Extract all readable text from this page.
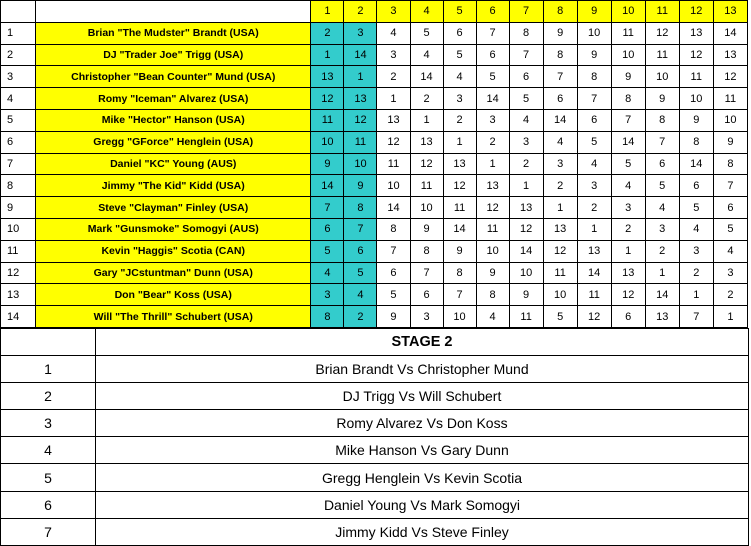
		1	2	3	4	5	6	7	8	9	10	11	12	13
1	Brian "The Mudster" Brandt (USA)	2	3	4	5	6	7	8	9	10	11	12	13	14
2	DJ "Trader Joe" Trigg (USA)	1	14	3	4	5	6	7	8	9	10	11	12	13
3	Christopher "Bean Counter" Mund (USA)	13	1	2	14	4	5	6	7	8	9	10	11	12
4	Romy "Iceman" Alvarez (USA)	12	13	1	2	3	14	5	6	7	8	9	10	11
5	Mike "Hector" Hanson (USA)	11	12	13	1	2	3	4	14	6	7	8	9	10
6	Gregg "GForce" Henglein (USA)	10	11	12	13	1	2	3	4	5	14	7	8	9
7	Daniel "KC" Young (AUS)	9	10	11	12	13	1	2	3	4	5	6	14	8
8	Jimmy "The Kid" Kidd (USA)	14	9	10	11	12	13	1	2	3	4	5	6	7
9	Steve "Clayman" Finley (USA)	7	8	14	10	11	12	13	1	2	3	4	5	6
10	Mark "Gunsmoke" Somogyi (AUS)	6	7	8	9	14	11	12	13	1	2	3	4	5
11	Kevin "Haggis" Scotia (CAN)	5	6	7	8	9	10	14	12	13	1	2	3	4
12	Gary "JCstuntman" Dunn (USA)	4	5	6	7	8	9	10	11	14	13	1	2	3
13	Don "Bear" Koss (USA)	3	4	5	6	7	8	9	10	11	12	14	1	2
14	Will "The Thrill" Schubert (USA)	8	2	9	3	10	4	11	5	12	6	13	7	1
	STAGE 2
1	Brian Brandt Vs Christopher Mund
2	DJ Trigg Vs Will Schubert
3	Romy Alvarez Vs Don Koss
4	Mike Hanson Vs Gary Dunn
5	Gregg Henglein Vs Kevin Scotia
6	Daniel Young Vs Mark Somogyi
7	Jimmy Kidd Vs Steve Finley
